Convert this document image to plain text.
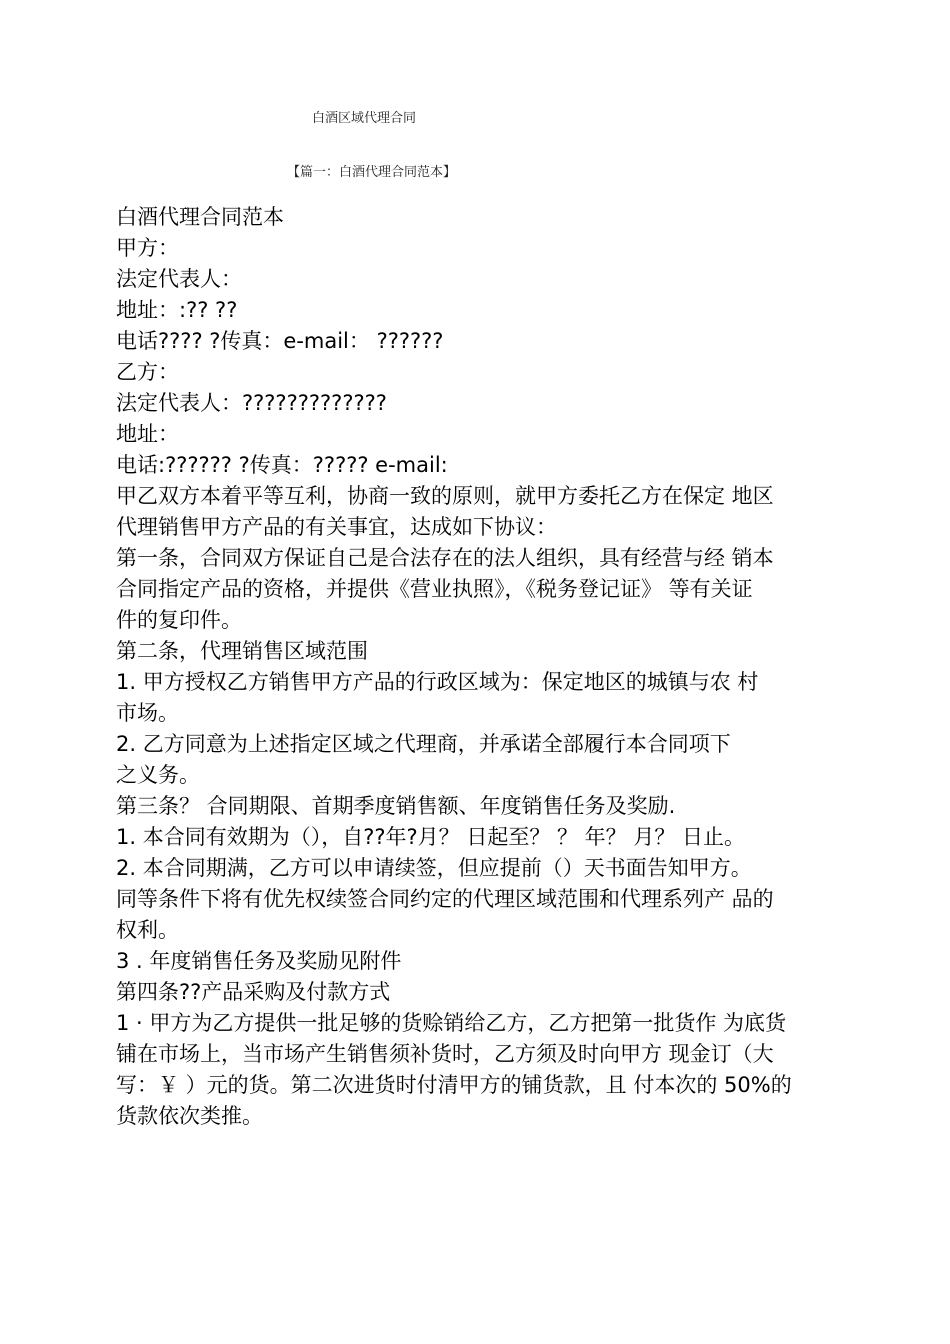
白酒区域代理合同
【篇一：白酒代理合同范本】

白酒代理合同范本

甲方：

法定代表人：

地址：:?? ??

电话???? ?传真：e-mail： ??????

乙方：

法定代表人：?????????????

地址：

电话:?????? ?传真：????? e-mail:

甲乙双方本着平等互利，协商一致的原则，就甲方委托乙方在保定 地区

代理销售甲方产品的有关事宜，达成如下协议：

第一条，合同双方保证自己是合法存在的法人组织，具有经营与经 销本

合同指定产品的资格，并提供《营业执照》，《税务登记证》 等有关证

件的复印件。

第二条，代理销售区域范围

1. 甲方授权乙方销售甲方产品的行政区域为：保定地区的城镇与农 村

市场。

2. 乙方同意为上述指定区域之代理商，并承诺全部履行本合同项下

之义务。

第三条？ 合同期限、首期季度销售额、年度销售任务及奖励.

1. 本合同有效期为（），自??年?月？ 日起至？ ？ 年？ 月？ 日止。

2. 本合同期满，乙方可以申请续签，但应提前（）天书面告知甲方。

同等条件下将有优先权续签合同约定的代理区域范围和代理系列产 品的

权利。

3 . 年度销售任务及奖励见附件

第四条??产品采购及付款方式

1 · 甲方为乙方提供一批足够的货赊销给乙方，乙方把第一批货作 为底货

铺在市场上，当市场产生销售须补货时，乙方须及时向甲方 现金订（大

写：￥ ）元的货。第二次进货时付清甲方的铺货款，且 付本次的 50%的

货款依次类推。
